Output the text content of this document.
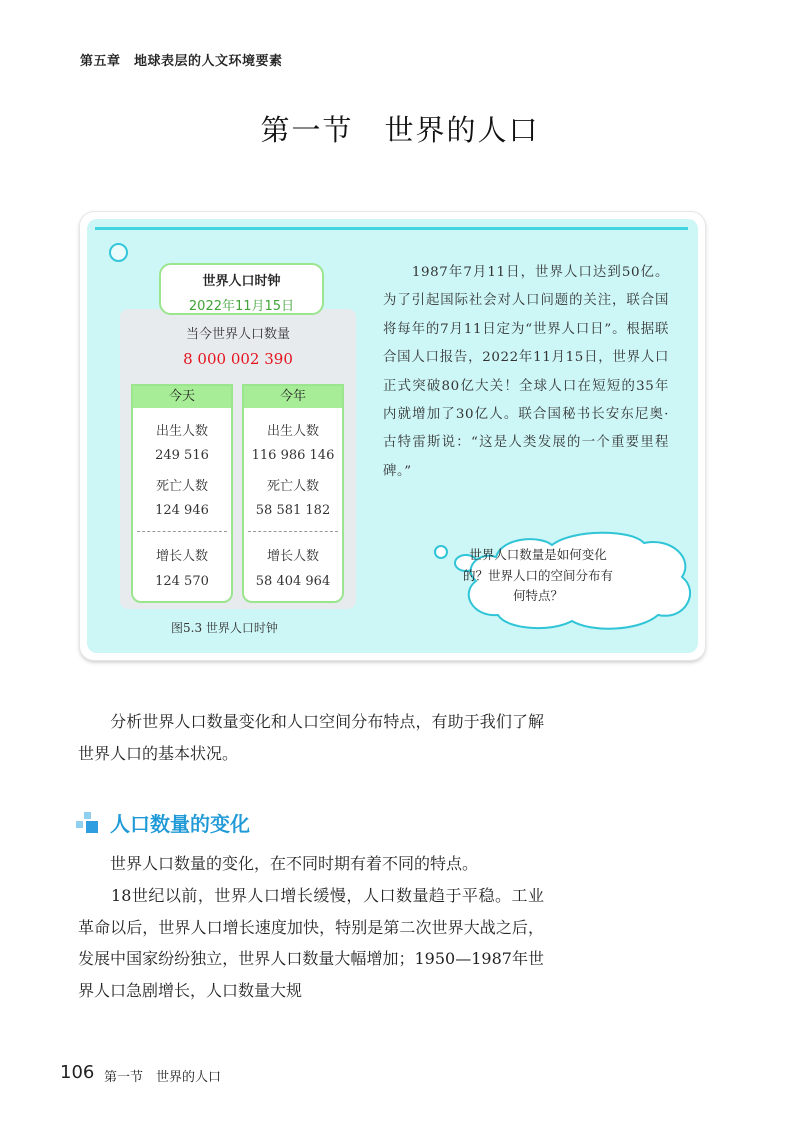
第五章　地球表层的人文环境要素
第一节　世界的人口
当今世界人口数量
8 000 002 390
今天
出生人数
249 516
死亡人数
124 946
增长人数
124 570
今年
出生人数
116 986 146
死亡人数
58 581 182
增长人数
58 404 964
世界人口时钟
2022年11月15日
图5.3 世界人口时钟
　　1987年7月11日，世界人口达到50亿。为了引起国际社会对人口问题的关注，联合国将每年的7月11日定为“世界人口日”。根据联合国人口报告，2022年11月15日，世界人口正式突破80亿大关！全球人口在短短的35年内就增加了30亿人。联合国秘书长安东尼奥·古特雷斯说：“这是人类发展的一个重要里程碑。”
世界人口数量是如何变化的？世界人口的空间分布有何特点？
　　分析世界人口数量变化和人口空间分布特点，有助于我们了解世界人口的基本状况。
人口数量的变化
　　世界人口数量的变化，在不同时期有着不同的特点。
　　18世纪以前，世界人口增长缓慢，人口数量趋于平稳。工业革命以后，世界人口增长速度加快，特别是第二次世界大战之后，发展中国家纷纷独立，世界人口数量大幅增加；1950—1987年世界人口急剧增长，人口数量大规
106 第一节　世界的人口
